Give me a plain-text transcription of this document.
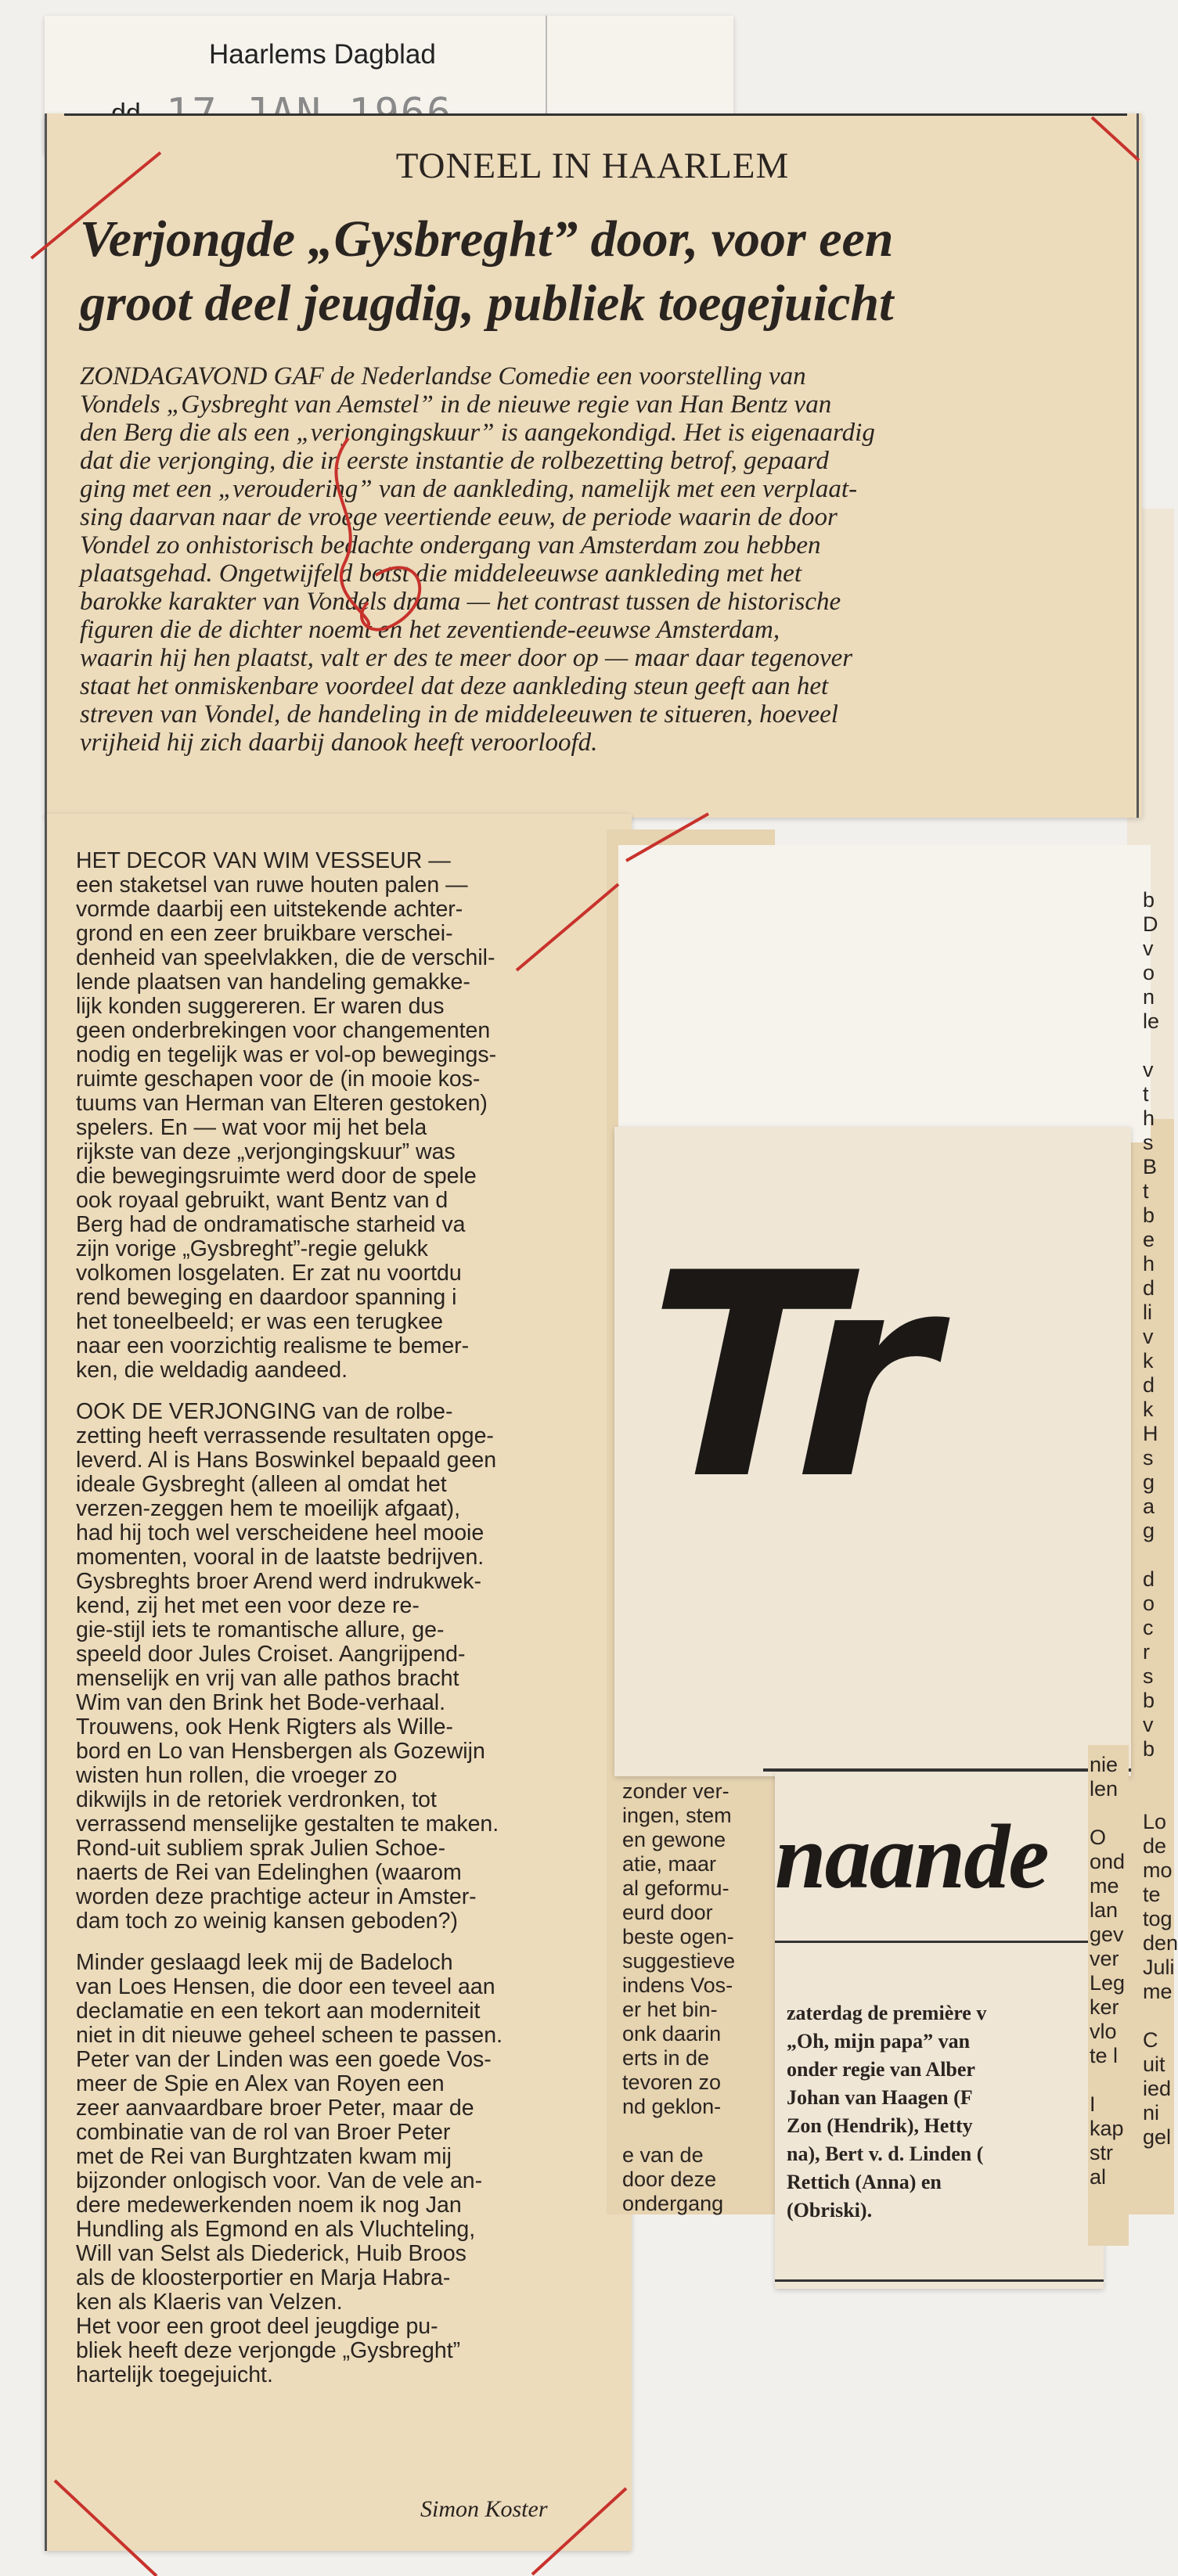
Haarlems Dagblad
TONEEL IN HAARLEM
Verjongde „Gysbreght” door, voor een
groot deel jeugdig, publiek toegejuicht
ZONDAGAVOND GAF de Nederlandse Comedie een voorstelling van
Vondels „Gysbreght van Aemstel” in de nieuwe regie van Han Bentz van
den Berg die als een „verjongingskuur” is aangekondigd. Het is eigenaardig
dat die verjonging, die in eerste instantie de rolbezetting betrof, gepaard
ging met een „veroudering” van de aankleding, namelijk met een verplaat-
sing daarvan naar de vroege veertiende eeuw, de periode waarin de door
Vondel zo onhistorisch bedachte ondergang van Amsterdam zou hebben
plaatsgehad. Ongetwijfeld botst die middeleeuwse aankleding met het
barokke karakter van Vondels drama — het contrast tussen de historische
figuren die de dichter noemt en het zeventiende-eeuwse Amsterdam,
waarin hij hen plaatst, valt er des te meer door op — maar daar tegenover
staat het onmiskenbare voordeel dat deze aankleding steun geeft aan het
streven van Vondel, de handeling in de middeleeuwen te situeren, hoeveel
vrijheid hij zich daarbij danook heeft veroorloofd.
HET DECOR VAN WIM VESSEUR —
een staketsel van ruwe houten palen —
vormde daarbij een uitstekende achter-
grond en een zeer bruikbare verschei-
denheid van speelvlakken, die de verschil-
lende plaatsen van handeling gemakke-
lijk konden suggereren. Er waren dus
geen onderbrekingen voor changementen
nodig en tegelijk was er vol-op bewegings-
ruimte geschapen voor de (in mooie kos-
tuums van Herman van Elteren gestoken)
spelers. En — wat voor mij het bela
rijkste van deze „verjongingskuur” was
die bewegingsruimte werd door de spele
ook royaal gebruikt, want Bentz van d
Berg had de ondramatische starheid va
zijn vorige „Gysbreght”-regie gelukk
volkomen losgelaten. Er zat nu voortdu
rend beweging en daardoor spanning i
het toneelbeeld; er was een terugkee
naar een voorzichtig realisme te bemer-
ken, die weldadig aandeed.
OOK DE VERJONGING van de rolbe-
zetting heeft verrassende resultaten opge-
leverd. Al is Hans Boswinkel bepaald geen
ideale Gysbreght (alleen al omdat het
verzen-zeggen hem te moeilijk afgaat),
had hij toch wel verscheidene heel mooie
momenten, vooral in de laatste bedrijven.
Gysbreghts broer Arend werd indrukwek-
kend, zij het met een voor deze re-
gie-stijl iets te romantische allure, ge-
speeld door Jules Croiset. Aangrijpend-
menselijk en vrij van alle pathos bracht
Wim van den Brink het Bode-verhaal.
Trouwens, ook Henk Rigters als Wille-
bord en Lo van Hensbergen als Gozewijn
wisten hun rollen, die vroeger zo
dikwijls in de retoriek verdronken, tot
verrassend menselijke gestalten te maken.
Rond-uit subliem sprak Julien Schoe-
naerts de Rei van Edelinghen (waarom
worden deze prachtige acteur in Amster-
dam toch zo weinig kansen geboden?)
Minder geslaagd leek mij de Badeloch
van Loes Hensen, die door een teveel aan
declamatie en een tekort aan moderniteit
niet in dit nieuwe geheel scheen te passen.
Peter van der Linden was een goede Vos-
meer de Spie en Alex van Royen een
zeer aanvaardbare broer Peter, maar de
combinatie van de rol van Broer Peter
met de Rei van Burghtzaten kwam mij
bijzonder onlogisch voor. Van de vele an-
dere medewerkenden noem ik nog Jan
Hundling als Egmond en als Vluchteling,
Will van Selst als Diederick, Huib Broos
als de kloosterportier en Marja Habra-
ken als Klaeris van Velzen.
Het voor een groot deel jeugdige pu-
bliek heeft deze verjongde „Gysbreght”
hartelijk toegejuicht.
Simon Koster
zonder ver-
ingen, stem
en gewone
atie, maar
al geformu-
eurd door
beste ogen-
suggestieve
indens Vos-
er het bin-
onk daarin
erts in de
tevoren zo
nd geklon-

e van de
door deze
ondergang
Tr
naande
zaterdag de première v
„Oh, mijn papa” van
onder regie van Alber
Johan van Haagen (F
Zon (Hendrik), Hetty
na), Bert v. d. Linden (
Rettich (Anna) en
(Obriski).
nie
len

O
ond
me
lan
gev
ver
Leg
ker
vlo
te l

I
kap
str
al
b
D
v
o
n
le

v
t
h
s
B
t
b
e
h
d
li
v
k
d
k
H
s
g
a
g

d
o
c
r
s
b
v
b

Lo
de
mo
te
tog
den
Juli
me

C
uit
ied
ni
gel
